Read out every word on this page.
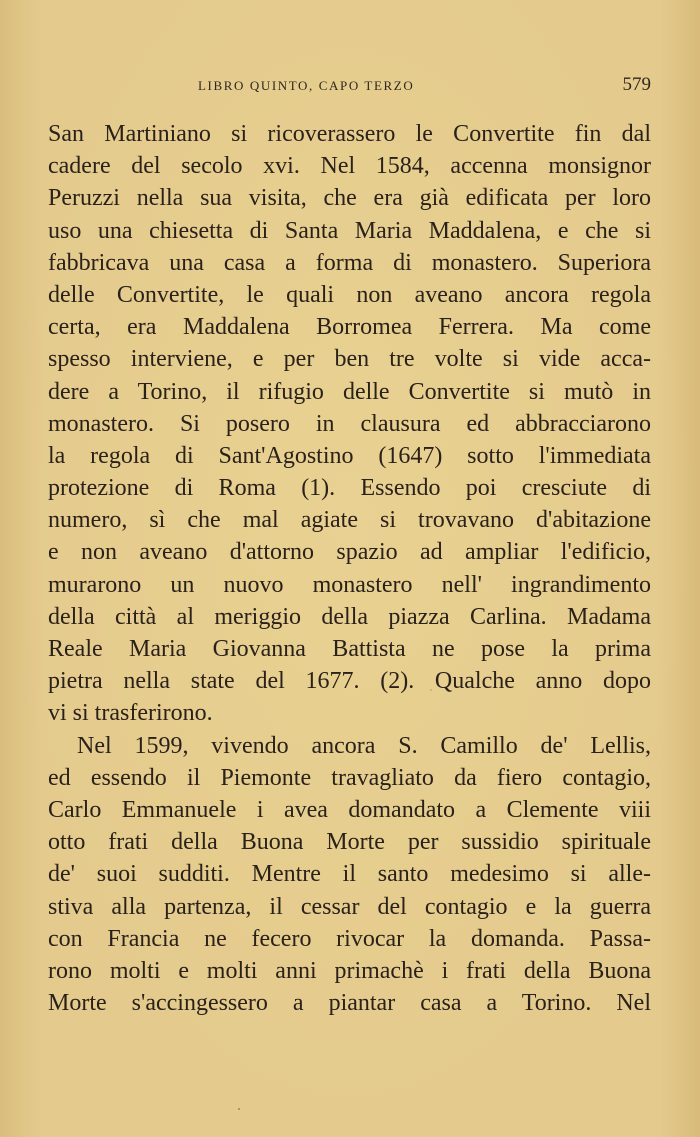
LIBRO QUINTO, CAPO TERZO	579
San Martiniano si ricoverassero le Convertite fin dal
cadere del secolo xvi. Nel 1584, accenna monsignor
Peruzzi nella sua visita, che era già edificata per loro
uso una chiesetta di Santa Maria Maddalena, e che si
fabbricava una casa a forma di monastero. Superiora
delle Convertite, le quali non aveano ancora regola
certa, era Maddalena Borromea Ferrera. Ma come
spesso interviene, e per ben tre volte si vide acca-
dere a Torino, il rifugio delle Convertite si mutò in
monastero. Si posero in clausura ed abbracciarono
la regola di Sant'Agostino (1647) sotto l'immediata
protezione di Roma (1). Essendo poi cresciute di
numero, sì che mal agiate si trovavano d'abitazione
e non aveano d'attorno spazio ad ampliar l'edificio,
murarono un nuovo monastero nell' ingrandimento
della città al meriggio della piazza Carlina. Madama
Reale Maria Giovanna Battista ne pose la prima
pietra nella state del 1677. (2). Qualche anno dopo
vi si trasferirono.
Nel 1599, vivendo ancora S. Camillo de' Lellis,
ed essendo il Piemonte travagliato da fiero contagio,
Carlo Emmanuele i avea domandato a Clemente viii
otto frati della Buona Morte per sussidio spirituale
de' suoi sudditi. Mentre il santo medesimo si alle-
stiva alla partenza, il cessar del contagio e la guerra
con Francia ne fecero rivocar la domanda. Passa-
rono molti e molti anni primachè i frati della Buona
Morte s'accingessero a piantar casa a Torino. Nel
